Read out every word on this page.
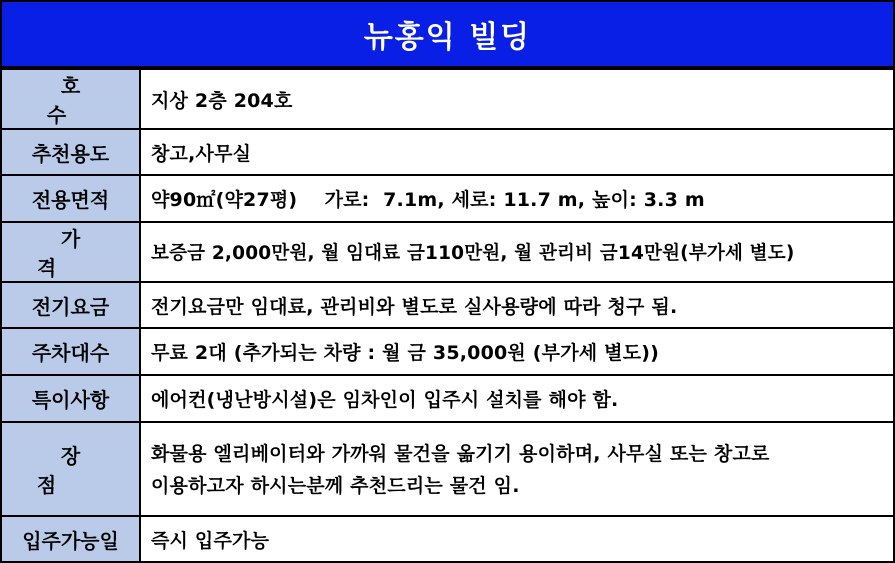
뉴홍익 빌딩
호 수	지상 2층 204호
추천용도	창고,사무실
전용면적	약90㎡(약27평)    가로:  7.1m, 세로: 11.7 m, 높이: 3.3 m
가 격	보증금 2,000만원, 월 임대료 금110만원, 월 관리비 금14만원(부가세 별도)
전기요금	전기요금만 임대료, 관리비와 별도로 실사용량에 따라 청구 됨.
주차대수	무료 2대 (추가되는 차량 : 월 금 35,000원 (부가세 별도))
특이사항	에어컨(냉난방시설)은 임차인이 입주시 설치를 해야 함.
장 점	화물용 엘리베이터와 가까워 물건을 옮기기 용이하며, 사무실 또는 창고로
이용하고자 하시는분께 추천드리는 물건 임.

입주가능일	즉시 입주가능
